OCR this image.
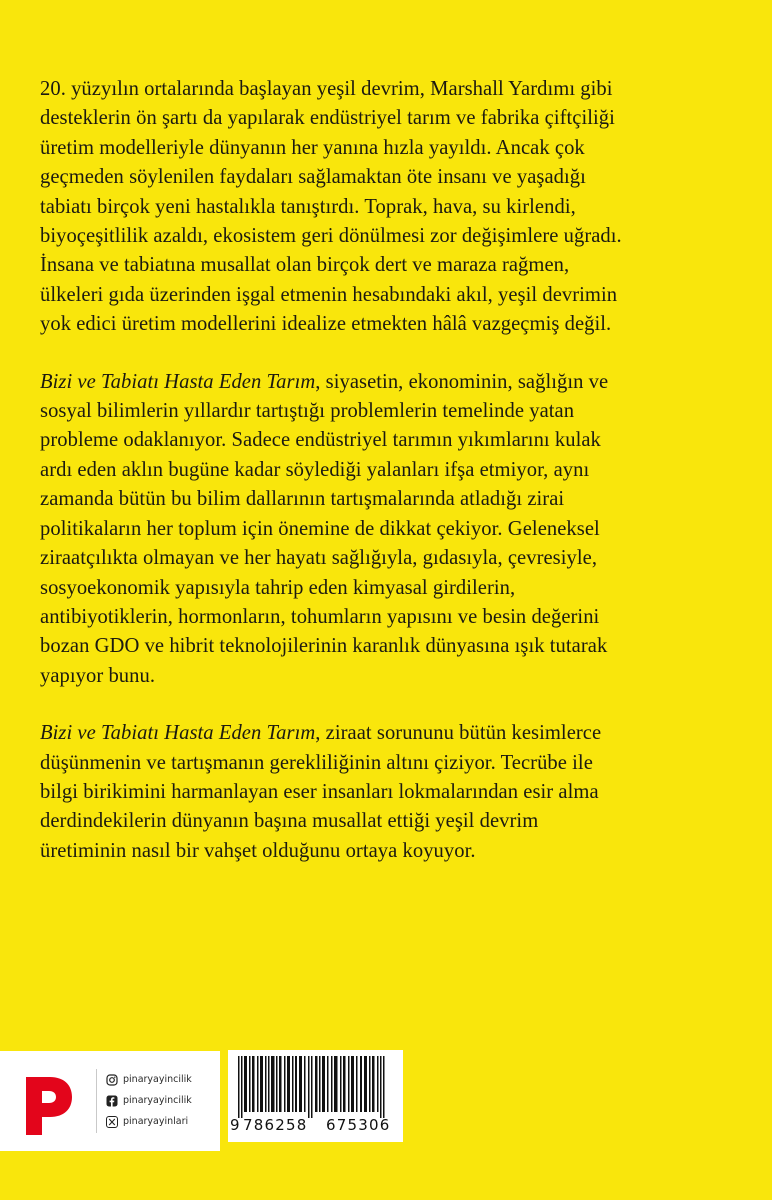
20. yüzyılın ortalarında başlayan yeşil devrim, Marshall Yardımı gibi
desteklerin ön şartı da yapılarak endüstriyel tarım ve fabrika çiftçiliği
üretim modelleriyle dünyanın her yanına hızla yayıldı. Ancak çok
geçmeden söylenilen faydaları sağlamaktan öte insanı ve yaşadığı
tabiatı birçok yeni hastalıkla tanıştırdı. Toprak, hava, su kirlendi,
biyoçeşitlilik azaldı, ekosistem geri dönülmesi zor değişimlere uğradı.
İnsana ve tabiatına musallat olan birçok dert ve maraza rağmen,
ülkeleri gıda üzerinden işgal etmenin hesabındaki akıl, yeşil devrimin
yok edici üretim modellerini idealize etmekten hâlâ vazgeçmiş değil.

Bizi ve Tabiatı Hasta Eden Tarım, siyasetin, ekonominin, sağlığın ve
sosyal bilimlerin yıllardır tartıştığı problemlerin temelinde yatan
probleme odaklanıyor. Sadece endüstriyel tarımın yıkımlarını kulak
ardı eden aklın bugüne kadar söylediği yalanları ifşa etmiyor, aynı
zamanda bütün bu bilim dallarının tartışmalarında atladığı zirai
politikaların her toplum için önemine de dikkat çekiyor. Geleneksel
ziraatçılıkta olmayan ve her hayatı sağlığıyla, gıdasıyla, çevresiyle,
sosyoekonomik yapısıyla tahrip eden kimyasal girdilerin,
antibiyotiklerin, hormonların, tohumların yapısını ve besin değerini
bozan GDO ve hibrit teknolojilerinin karanlık dünyasına ışık tutarak
yapıyor bunu.

Bizi ve Tabiatı Hasta Eden Tarım, ziraat sorununu bütün kesimlerce
düşünmenin ve tartışmanın gerekliliğinin altını çiziyor. Tecrübe ile
bilgi birikimini harmanlayan eser insanları lokmalarından esir alma
derdindekilerin dünyanın başına musallat ettiği yeşil devrim
üretiminin nasıl bir vahşet olduğunu ortaya koyuyor.

pinaryayincilik
pinaryayincilik
pinaryayinlari	9 786258 675306
